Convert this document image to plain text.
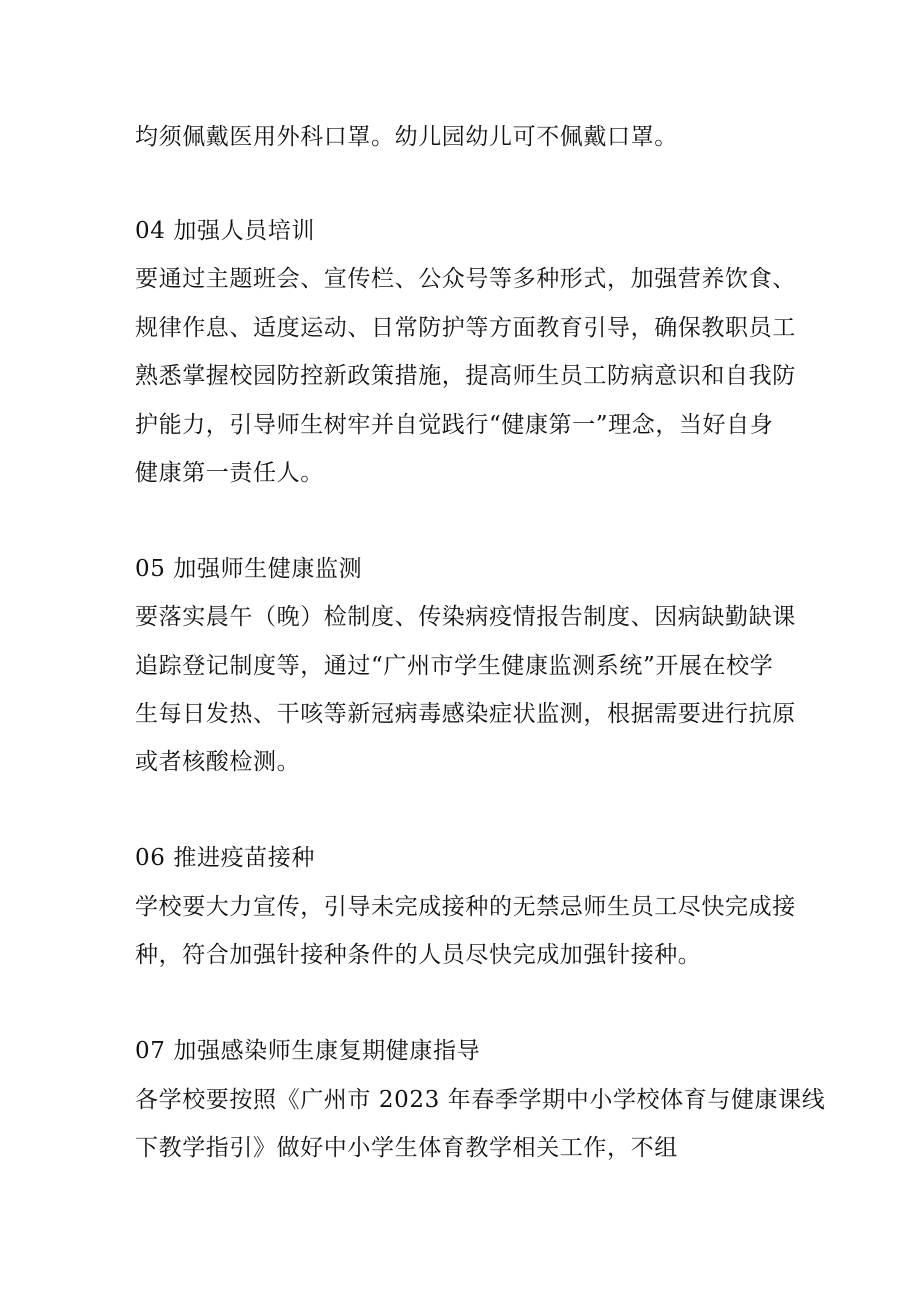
均须佩戴医用外科口罩。幼儿园幼儿可不佩戴口罩。
04 加强人员培训
要通过主题班会、宣传栏、公众号等多种形式，加强营养饮食、
规律作息、适度运动、日常防护等方面教育引导，确保教职员工
熟悉掌握校园防控新政策措施，提高师生员工防病意识和自我防
护能力，引导师生树牢并自觉践行“健康第一”理念，当好自身
健康第一责任人。
05 加强师生健康监测
要落实晨午（晚）检制度、传染病疫情报告制度、因病缺勤缺课
追踪登记制度等，通过“广州市学生健康监测系统”开展在校学
生每日发热、干咳等新冠病毒感染症状监测，根据需要进行抗原
或者核酸检测。
06 推进疫苗接种
学校要大力宣传，引导未完成接种的无禁忌师生员工尽快完成接
种，符合加强针接种条件的人员尽快完成加强针接种。
07 加强感染师生康复期健康指导
各学校要按照《广州市 2023 年春季学期中小学校体育与健康课线
下教学指引》做好中小学生体育教学相关工作，不组
